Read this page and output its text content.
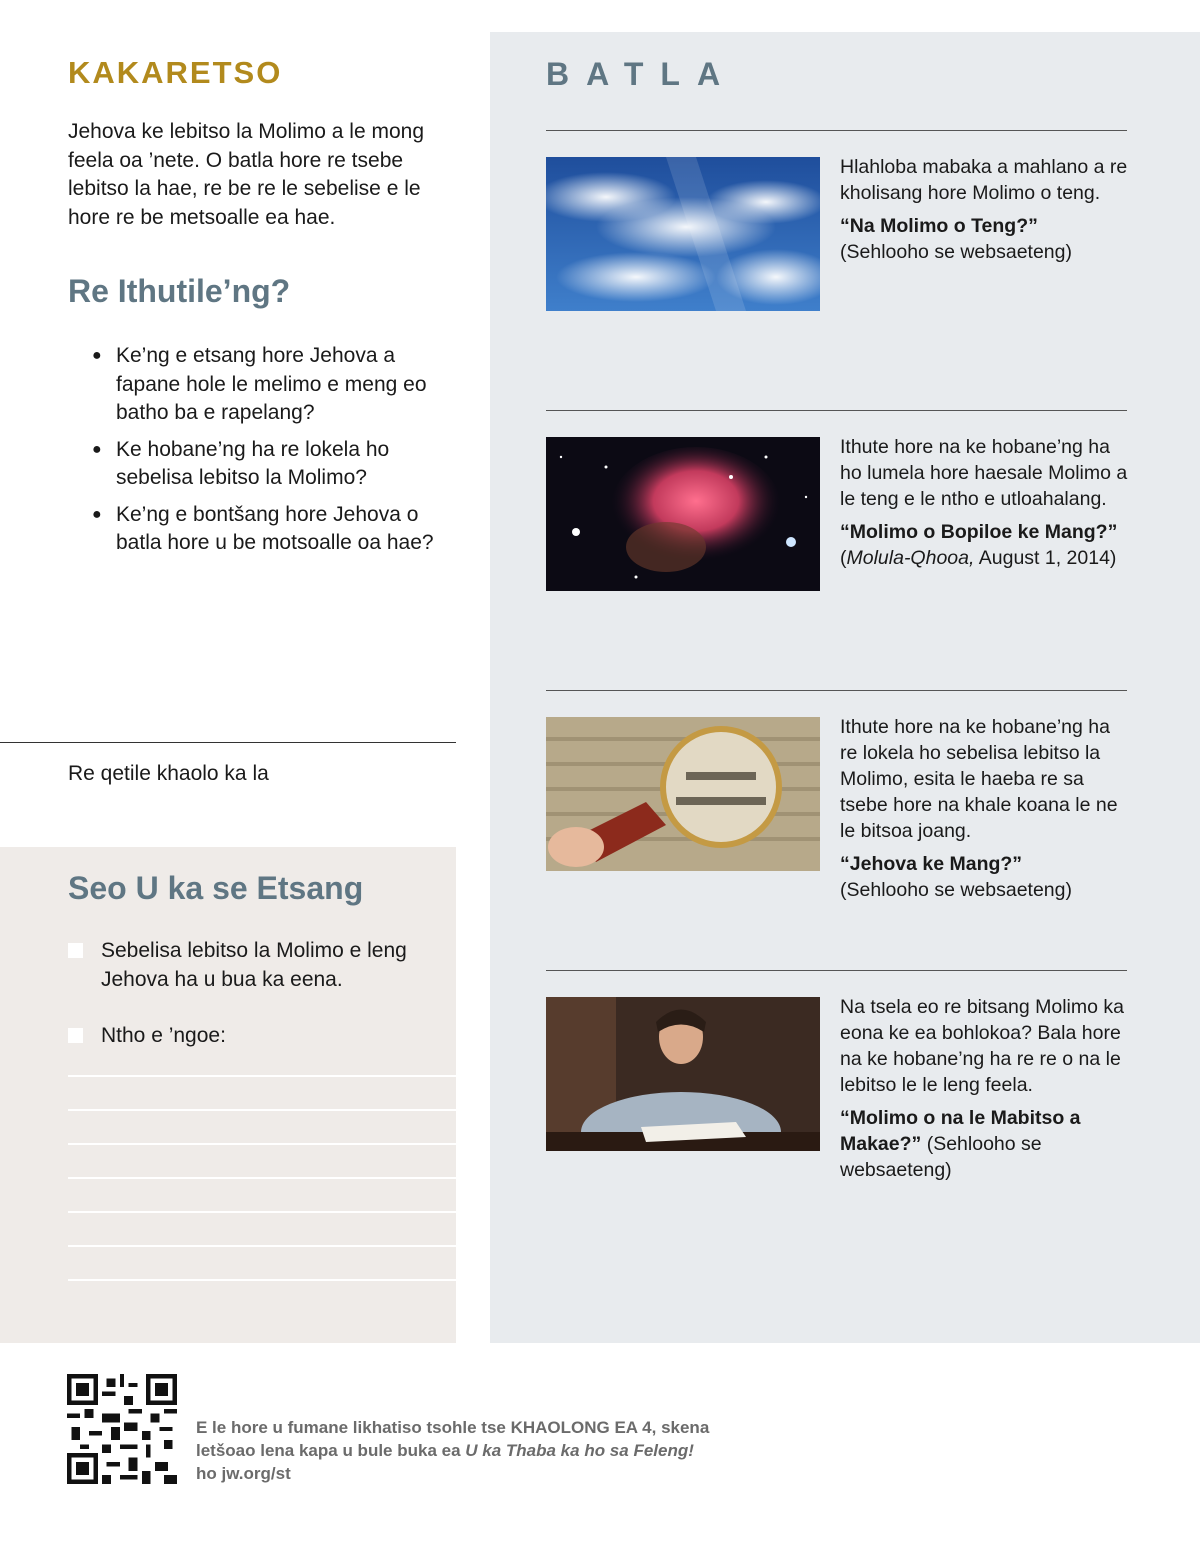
KAKARETSO

Jehova ke lebitso la Molimo a le mong feela oa ’nete. O batla hore re tsebe lebitso la hae, re be re le sebelise e le hore re be metsoalle ea hae.

Re Ithutile’ng?
● Ke’ng e etsang hore Jehova a fapane hole le melimo e meng eo batho ba e rapelang?
● Ke hobane’ng ha re lokela ho sebelisa lebitso la Molimo?
● Ke’ng e bontšang hore Jehova o batla hore u be motsoalle oa hae?
Re qetile khaolo ka la
Seo U ka se Etsang
Sebelisa lebitso la Molimo e leng Jehova ha u bua ka eena.
Ntho e ’ngoe:
BATLA

Hlahloba mabaka a mahlano a re kholisang hore Molimo o teng.

“Na Molimo o Teng?” (Sehlooho se websaeteng)

Ithute hore na ke hobane’ng ha ho lumela hore haesale Molimo a le teng e le ntho e utloahalang.

“Molimo o Bopiloe ke Mang?”
(Molula-Qhooa, August 1, 2014)

Ithute hore na ke hobane’ng ha re lokela ho sebelisa lebitso la Molimo, esita le haeba re sa tsebe hore na khale koana le ne le bitsoa joang.

“Jehova ke Mang?”
(Sehlooho se websaeteng)

Na tsela eo re bitsang Molimo ka eona ke ea bohlokoa? Bala hore na ke hobane’ng ha re re o na le lebitso le le leng feela.

“Molimo o na le Mabitso a Makae?” (Sehlooho se websaeteng)

E le hore u fumane likhatiso tsohle tse KHAOLONG EA 4, skena letšoao lena kapa u bule buka ea U ka Thaba ka ho sa Feleng! ho jw.org/st
